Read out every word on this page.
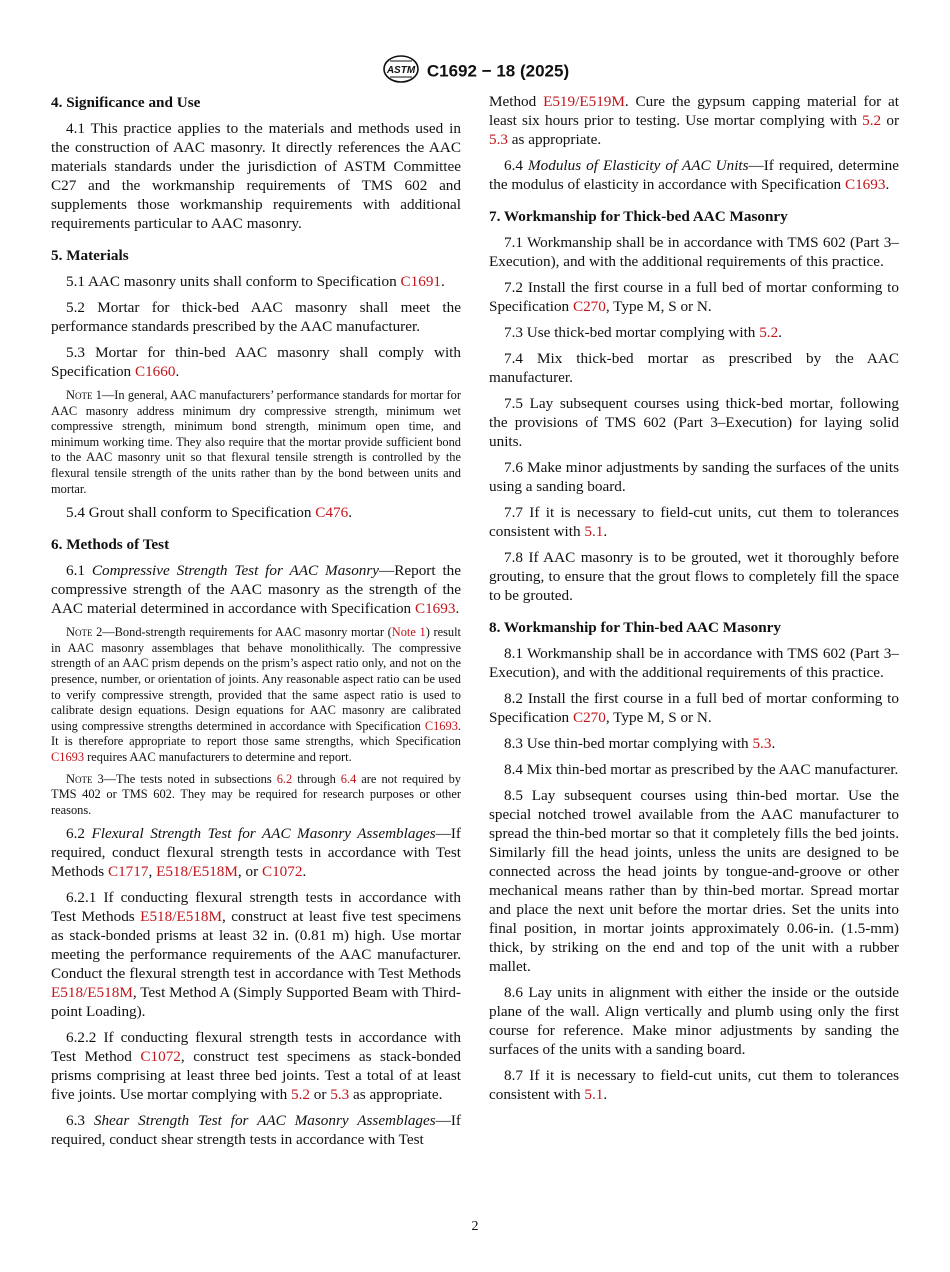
ASTM C1692 − 18 (2025)
4. Significance and Use

4.1 This practice applies to the materials and methods used in the construction of AAC masonry. It directly references the AAC materials standards under the jurisdiction of ASTM Committee C27 and the workmanship requirements of TMS 602 and supplements those workmanship requirements with additional requirements particular to AAC masonry.

5. Materials

5.1 AAC masonry units shall conform to Specification C1691.

5.2 Mortar for thick-bed AAC masonry shall meet the performance standards prescribed by the AAC manufacturer.

5.3 Mortar for thin-bed AAC masonry shall comply with Specification C1660.

Note 1—In general, AAC manufacturers’ performance standards for mortar for AAC masonry address minimum dry compressive strength, minimum wet compressive strength, minimum bond strength, minimum open time, and minimum working time. They also require that the mortar provide sufficient bond to the AAC masonry unit so that flexural tensile strength is controlled by the flexural tensile strength of the units rather than by the bond between units and mortar.

5.4 Grout shall conform to Specification C476.

6. Methods of Test

6.1 Compressive Strength Test for AAC Masonry—Report the compressive strength of the AAC masonry as the strength of the AAC material determined in accordance with Specification C1693.

Note 2—Bond-strength requirements for AAC masonry mortar (Note 1) result in AAC masonry assemblages that behave monolithically. The compressive strength of an AAC prism depends on the prism’s aspect ratio only, and not on the presence, number, or orientation of joints. Any reasonable aspect ratio can be used to verify compressive strength, provided that the same aspect ratio is used to calibrate design equations. Design equations for AAC masonry are calibrated using compressive strengths determined in accordance with Specification C1693. It is therefore appropriate to report those same strengths, which Specification C1693 requires AAC manufacturers to determine and report.

Note 3—The tests noted in subsections 6.2 through 6.4 are not required by TMS 402 or TMS 602. They may be required for research purposes or other reasons.

6.2 Flexural Strength Test for AAC Masonry Assemblages—If required, conduct flexural strength tests in accordance with Test Methods C1717, E518/E518M, or C1072.

6.2.1 If conducting flexural strength tests in accordance with Test Methods E518/E518M, construct at least five test specimens as stack-bonded prisms at least 32 in. (0.81 m) high. Use mortar meeting the performance requirements of the AAC manufacturer. Conduct the flexural strength test in accordance with Test Methods E518/E518M, Test Method A (Simply Supported Beam with Third-point Loading).

6.2.2 If conducting flexural strength tests in accordance with Test Method C1072, construct test specimens as stack-bonded prisms comprising at least three bed joints. Test a total of at least five joints. Use mortar complying with 5.2 or 5.3 as appropriate.

6.3 Shear Strength Test for AAC Masonry Assemblages—If required, conduct shear strength tests in accordance with Test

Method E519/E519M. Cure the gypsum capping material for at least six hours prior to testing. Use mortar complying with 5.2 or 5.3 as appropriate.

6.4 Modulus of Elasticity of AAC Units—If required, determine the modulus of elasticity in accordance with Specification C1693.

7. Workmanship for Thick-bed AAC Masonry

7.1 Workmanship shall be in accordance with TMS 602 (Part 3–Execution), and with the additional requirements of this practice.

7.2 Install the first course in a full bed of mortar conforming to Specification C270, Type M, S or N.

7.3 Use thick-bed mortar complying with 5.2.

7.4 Mix thick-bed mortar as prescribed by the AAC manufacturer.

7.5 Lay subsequent courses using thick-bed mortar, following the provisions of TMS 602 (Part 3–Execution) for laying solid units.

7.6 Make minor adjustments by sanding the surfaces of the units using a sanding board.

7.7 If it is necessary to field-cut units, cut them to tolerances consistent with 5.1.

7.8 If AAC masonry is to be grouted, wet it thoroughly before grouting, to ensure that the grout flows to completely fill the space to be grouted.

8. Workmanship for Thin-bed AAC Masonry

8.1 Workmanship shall be in accordance with TMS 602 (Part 3–Execution), and with the additional requirements of this practice.

8.2 Install the first course in a full bed of mortar conforming to Specification C270, Type M, S or N.

8.3 Use thin-bed mortar complying with 5.3.

8.4 Mix thin-bed mortar as prescribed by the AAC manufacturer.

8.5 Lay subsequent courses using thin-bed mortar. Use the special notched trowel available from the AAC manufacturer to spread the thin-bed mortar so that it completely fills the bed joints. Similarly fill the head joints, unless the units are designed to be connected across the head joints by tongue-and-groove or other mechanical means rather than by thin-bed mortar. Spread mortar and place the next unit before the mortar dries. Set the units into final position, in mortar joints approximately 0.06-in. (1.5-mm) thick, by striking on the end and top of the unit with a rubber mallet.

8.6 Lay units in alignment with either the inside or the outside plane of the wall. Align vertically and plumb using only the first course for reference. Make minor adjustments by sanding the surfaces of the units with a sanding board.

8.7 If it is necessary to field-cut units, cut them to tolerances consistent with 5.1.

2
